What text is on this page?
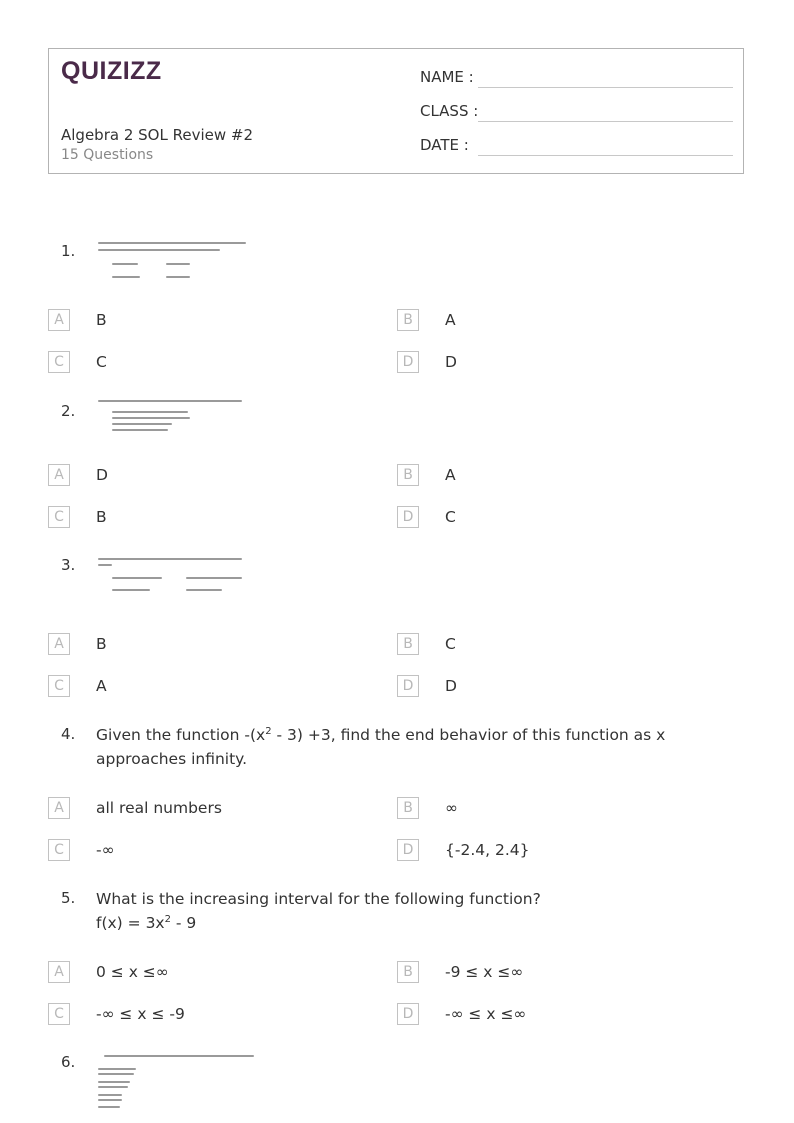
QUIZIZZ
Algebra 2 SOL Review #2
15 Questions
NAME :
CLASS :
DATE :
1.
A	B	B	A
C	C	D	D
2.
A	D	B	A
C	B	D	C
3.
A	B	B	C
C	A	D	D
4. Given the function $-(x^2 - 3) +3$, find the end behavior of this function as x approaches infinity.
A	all real numbers	B	∞
C	-∞	D	{-2.4, 2.4}
5. What is the increasing interval for the following function?
$f(x) = 3x^2 - 9$
A	0 ≤ x ≤∞	B	-9 ≤ x ≤∞
C	-∞ ≤ x ≤ -9	D	-∞ ≤ x ≤∞
6.
